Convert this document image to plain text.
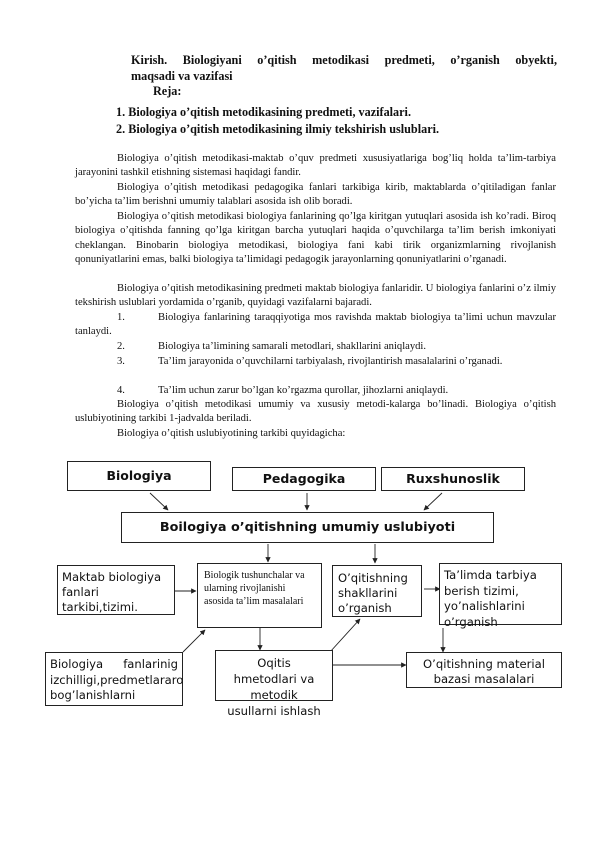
Kirish. Biologiyani o’qitish metodikasi predmeti, o’rganish obyekti,
maqsadi va vazifasi
Reja:
1. Biologiya o’qitish metodikasining predmeti, vazifalari.
2. Biologiya o’qitish metodikasining ilmiy tekshirish uslublari.
Biologiya o’qitish metodikasi-maktab o’quv predmeti xususiyatlariga bog’liq holda ta’lim-tarbiya jarayonini tashkil etishning sistemasi haqidagi fandir.
Biologiya o’qitish metodikasi pedagogika fanlari tarkibiga kirib, maktablarda o’qitiladigan fanlar bo’yicha ta’lim berishni umumiy talablari asosida ish olib boradi.
Biologiya o’qitish metodikasi biologiya fanlarining qo’lga kiritgan yutuqlari asosida ish ko’radi. Biroq biologiya o’qitishda fanning qo’lga kiritgan barcha yutuqlari haqida o’quvchilarga ta’lim berish imkoniyati cheklangan. Binobarin biologiya metodikasi, biologiya fani kabi tirik organizmlarning rivojlanish qonuniyatlarini emas, balki biologiya ta’limidagi pedagogik jarayonlarning qonuniyatlarini o’rganadi.
Biologiya o’qitish metodikasining predmeti maktab biologiya fanlaridir. U biologiya fanlarini o’z ilmiy tekshirish uslublari yordamida o’rganib, quyidagi vazifalarni bajaradi.
1.	Biologiya fanlarining taraqqiyotiga mos ravishda maktab biologiya ta’limi uchun mavzular tanlaydi.
2.	Biologiya ta’limining samarali metodlari, shakllarini aniqlaydi.
3.	Ta’lim jarayonida o’quvchilarni tarbiyalash, rivojlantirish masalalarini o’rganadi.
4.	Ta’lim uchun zarur bo’lgan ko’rgazma qurollar, jihozlarni aniqlaydi.
Biologiya o’qitish metodikasi umumiy va xususiy metodi-kalarga bo’linadi. Biologiya o’qitish uslubiyotining tarkibi 1-jadvalda beriladi.
Biologiya o’qitish uslubiyotining tarkibi quyidagicha:
Biologiya	Pedagogika	Ruxshunoslik
Boilogiya o’qitishning umumiy uslubiyoti
Maktab biologiya fanlari tarkibi,tizimi.
Biologik tushunchalar va ularning rivojlanishi asosida ta’lim masalalari
O’qitishning shakllarini o’rganish
Ta’limda tarbiya berish tizimi, yo’nalishlarini o’rganish
Biologiya fanlarinig izchilligi,predmetlararo bog’lanishlarni
Oqitis hmetodlari va metodik usullarni ishlash
O’qitishning material bazasi masalalari
